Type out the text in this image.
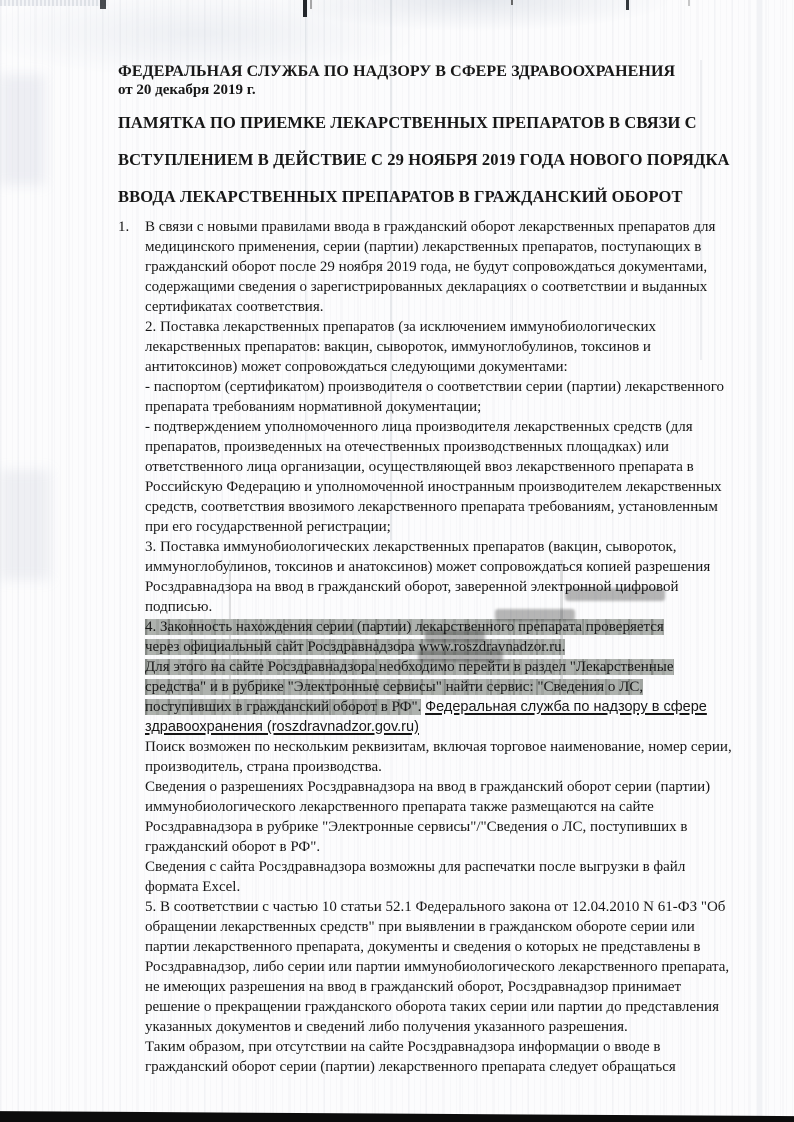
ФЕДЕРАЛЬНАЯ СЛУЖБА ПО НАДЗОРУ В СФЕРЕ ЗДРАВООХРАНЕНИЯ
от 20 декабря 2019 г.
ПАМЯТКА ПО ПРИЕМКЕ ЛЕКАРСТВЕННЫХ ПРЕПАРАТОВ В СВЯЗИ С
ВСТУПЛЕНИЕМ В ДЕЙСТВИЕ С 29 НОЯБРЯ 2019 ГОДА НОВОГО ПОРЯДКА
ВВОДА ЛЕКАРСТВЕННЫХ ПРЕПАРАТОВ В ГРАЖДАНСКИЙ ОБОРОТ
1.	В связи с новыми правилами ввода в гражданский оборот лекарственных препаратов для медицинского применения, серии (партии) лекарственных препаратов, поступающих в гражданский оборот после 29 ноября 2019 года, не будут сопровождаться документами, содержащими сведения о зарегистрированных декларациях о соответствии и выданных сертификатах соответствия.

2. Поставка лекарственных препаратов (за исключением иммунобиологических лекарственных препаратов: вакцин, сывороток, иммуноглобулинов, токсинов и антитоксинов) может сопровождаться следующими документами:

- паспортом (сертификатом) производителя о соответствии серии (партии) лекарственного препарата требованиям нормативной документации;

- подтверждением уполномоченного лица производителя лекарственных средств (для препаратов, произведенных на отечественных производственных площадках) или ответственного лица организации, осуществляющей ввоз лекарственного препарата в Российскую Федерацию и уполномоченной иностранным производителем лекарственных средств, соответствия ввозимого лекарственного препарата требованиям, установленным при его государственной регистрации;

3. Поставка иммунобиологических лекарственных препаратов (вакцин, сывороток, иммуноглобулинов, токсинов и анатоксинов) может сопровождаться копией разрешения Росздравнадзора на ввод в гражданский оборот, заверенной электронной цифровой подписью.

4. Законность нахождения серии (партии) лекарственного препарата проверяется
через официальный сайт Росздравнадзора www.roszdravnadzor.ru.
Для этого на сайте Росздравнадзора необходимо перейти в раздел "Лекарственные
средства" и в рубрике "Электронные сервисы" найти сервис: "Сведения о ЛС,
поступивших в гражданский оборот в РФ". Федеральная служба по надзору в сфере здравоохранения (roszdravnadzor.gov.ru)

Поиск возможен по нескольким реквизитам, включая торговое наименование, номер серии, производитель, страна производства.

Сведения о разрешениях Росздравнадзора на ввод в гражданский оборот серии (партии) иммунобиологического лекарственного препарата также размещаются на сайте Росздравнадзора в рубрике "Электронные сервисы"/"Сведения о ЛС, поступивших в гражданский оборот в РФ".

Сведения с сайта Росздравнадзора возможны для распечатки после выгрузки в файл формата Excel.

5. В соответствии с частью 10 статьи 52.1 Федерального закона от 12.04.2010 N 61-ФЗ "Об обращении лекарственных средств" при выявлении в гражданском обороте серии или партии лекарственного препарата, документы и сведения о которых не представлены в Росздравнадзор, либо серии или партии иммунобиологического лекарственного препарата, не имеющих разрешения на ввод в гражданский оборот, Росздравнадзор принимает решение о прекращении гражданского оборота таких серии или партии до представления указанных документов и сведений либо получения указанного разрешения.

Таким образом, при отсутствии на сайте Росздравнадзора информации о вводе в гражданский оборот серии (партии) лекарственного препарата следует обращаться
